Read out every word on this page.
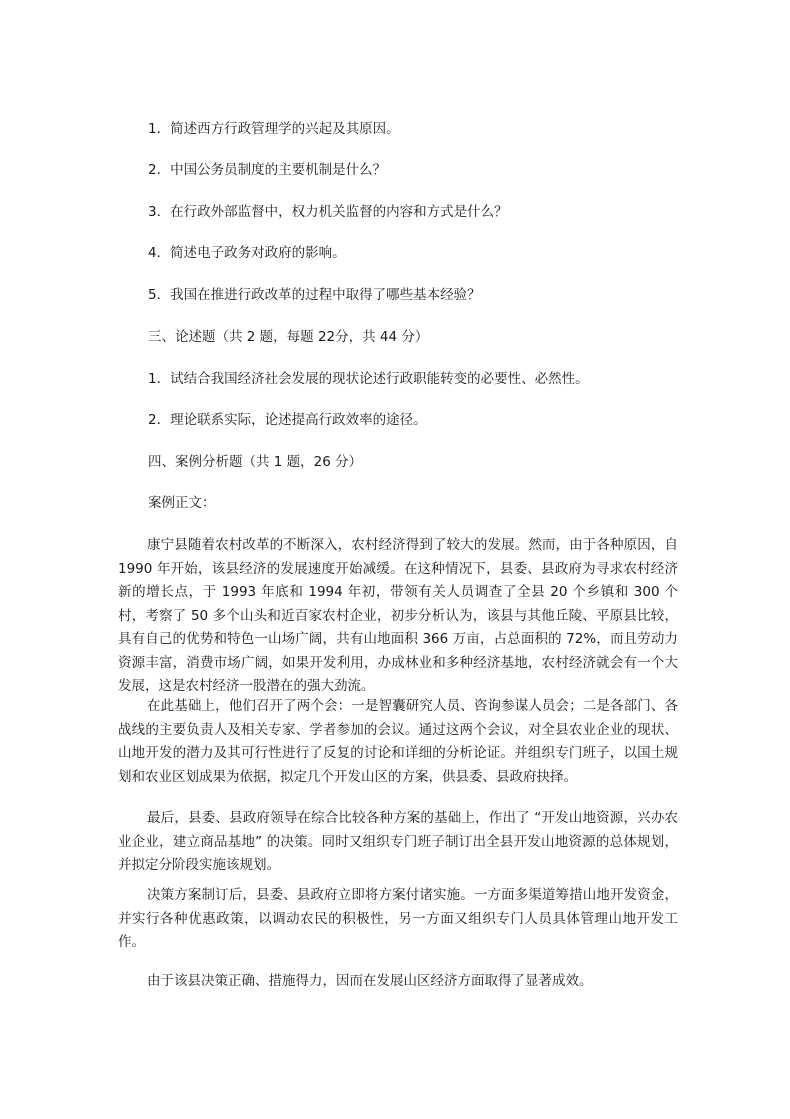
1．简述西方行政管理学的兴起及其原因。
2．中国公务员制度的主要机制是什么？
3．在行政外部监督中，权力机关监督的内容和方式是什么？
4．简述电子政务对政府的影响。
5．我国在推进行政改革的过程中取得了哪些基本经验？
三、论述题（共 2 题，每题 22分，共 44 分）
1．试结合我国经济社会发展的现状论述行政职能转变的必要性、必然性。
2．理论联系实际，论述提高行政效率的途径。
四、案例分析题（共 1 题，26 分）
案例正文：

康宁县随着农村改革的不断深入，农村经济得到了较大的发展。然而，由于各种原因，自 1990 年开始，该县经济的发展速度开始减缓。在这种情况下，县委、县政府为寻求农村经济新的增长点，于 1993 年底和 1994 年初，带领有关人员调查了全县 20 个乡镇和 300 个村，考察了 50 多个山头和近百家农村企业，初步分析认为，该县与其他丘陵、平原县比较，具有自己的优势和特色一山场广阔，共有山地面积 366 万亩，占总面积的 72%，而且劳动力资源丰富，消费市场广阔，如果开发利用，办成林业和多种经济基地，农村经济就会有一个大发展，这是农村经济一股潜在的强大劲流。

在此基础上，他们召开了两个会：一是智囊研究人员、咨询参谋人员会；二是各部门、各战线的主要负责人及相关专家、学者参加的会议。通过这两个会议，对全县农业企业的现状、山地开发的潜力及其可行性进行了反复的讨论和详细的分析论证。并组织专门班子，以国土规划和农业区划成果为依据，拟定几个开发山区的方案，供县委、县政府抉择。

最后，县委、县政府领导在综合比较各种方案的基础上，作出了 “开发山地资源，兴办农业企业，建立商品基地” 的决策。同时又组织专门班子制订出全县开发山地资源的总体规划，并拟定分阶段实施该规划。

决策方案制订后，县委、县政府立即将方案付诸实施。一方面多渠道筹措山地开发资金，并实行各种优惠政策，以调动农民的积极性，另一方面又组织专门人员具体管理山地开发工作。

由于该县决策正确、措施得力，因而在发展山区经济方面取得了显著成效。
